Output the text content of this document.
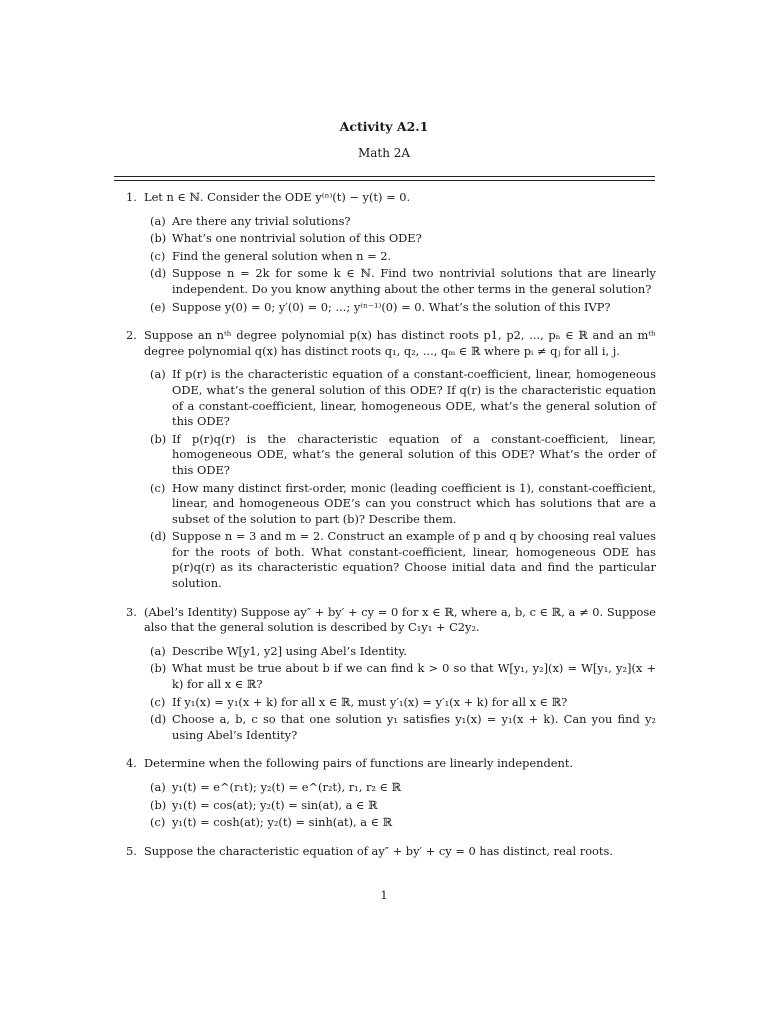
Activity A2.1
Math 2A
1. Let n ∈ ℕ. Consider the ODE y⁽ⁿ⁾(t) − y(t) = 0.
(a) Are there any trivial solutions?
(b) What’s one nontrivial solution of this ODE?
(c) Find the general solution when n = 2.
(d) Suppose n = 2k for some k ∈ ℕ. Find two nontrivial solutions that are linearly independent. Do you know anything about the other terms in the general solution?
(e) Suppose y(0) = 0; y′(0) = 0; ...; y⁽ⁿ⁻¹⁾(0) = 0. What’s the solution of this IVP?
2. Suppose an nᵗʰ degree polynomial p(x) has distinct roots p1, p2, ..., pₙ ∈ ℝ and an mᵗʰ degree polynomial q(x) has distinct roots q₁, q₂, ..., qₘ ∈ ℝ where pᵢ ≠ qⱼ for all i, j.
(a) If p(r) is the characteristic equation of a constant-coefficient, linear, homogeneous ODE, what’s the general solution of this ODE? If q(r) is the characteristic equation of a constant-coefficient, linear, homogeneous ODE, what’s the general solution of this ODE?
(b) If p(r)q(r) is the characteristic equation of a constant-coefficient, linear, homogeneous ODE, what’s the general solution of this ODE? What’s the order of this ODE?
(c) How many distinct first-order, monic (leading coefficient is 1), constant-coefficient, linear, and homogeneous ODE’s can you construct which has solutions that are a subset of the solution to part (b)? Describe them.
(d) Suppose n = 3 and m = 2. Construct an example of p and q by choosing real values for the roots of both. What constant-coefficient, linear, homogeneous ODE has p(r)q(r) as its characteristic equation? Choose initial data and find the particular solution.
3. (Abel’s Identity) Suppose ay″ + by′ + cy = 0 for x ∈ ℝ, where a, b, c ∈ ℝ, a ≠ 0. Suppose also that the general solution is described by C₁y₁ + C2y₂.
(a) Describe W[y1, y2] using Abel’s Identity.
(b) What must be true about b if we can find k > 0 so that W[y₁, y₂](x) = W[y₁, y₂](x + k) for all x ∈ ℝ?
(c) If y₁(x) = y₁(x + k) for all x ∈ ℝ, must y′₁(x) = y′₁(x + k) for all x ∈ ℝ?
(d) Choose a, b, c so that one solution y₁ satisfies y₁(x) = y₁(x + k). Can you find y₂ using Abel’s Identity?
4. Determine when the following pairs of functions are linearly independent.
(a) y₁(t) = e^(r₁t); y₂(t) = e^(r₂t), r₁, r₂ ∈ ℝ
(b) y₁(t) = cos(at); y₂(t) = sin(at), a ∈ ℝ
(c) y₁(t) = cosh(at); y₂(t) = sinh(at), a ∈ ℝ
5. Suppose the characteristic equation of ay″ + by′ + cy = 0 has distinct, real roots.
1
